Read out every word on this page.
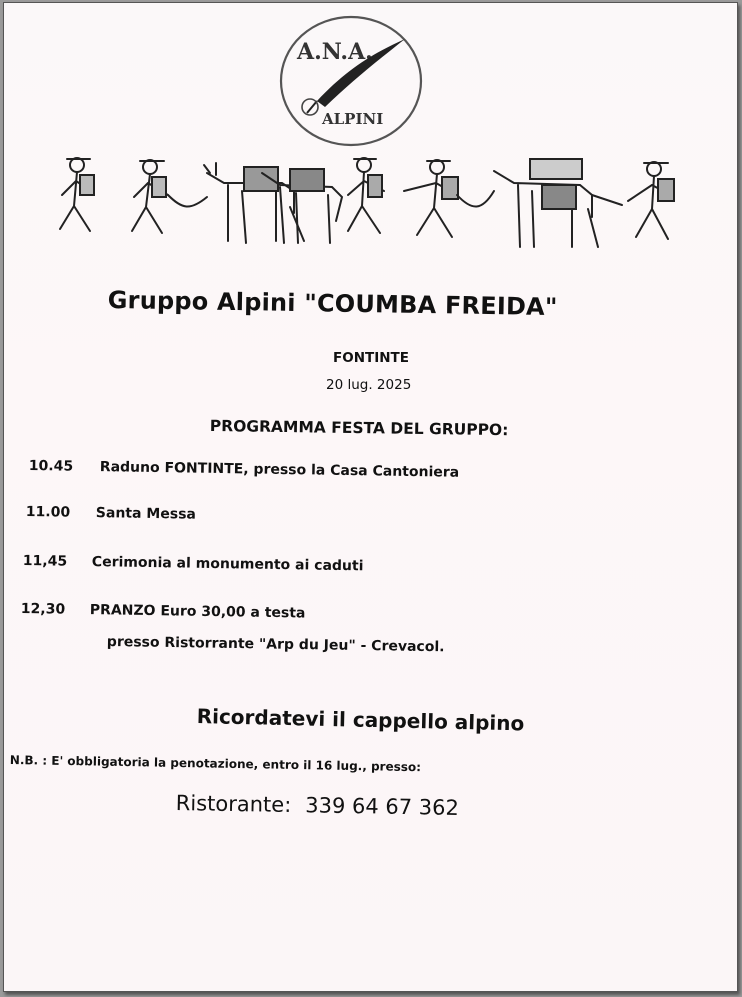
A.N.A.
ALPINI
Gruppo Alpini "COUMBA FREIDA"
FONTINTE
20 lug. 2025
PROGRAMMA FESTA DEL GRUPPO:
10.45 Raduno FONTINTE, presso la Casa Cantoniera
11.00 Santa Messa
11,45 Cerimonia al monumento ai caduti
12,30 PRANZO Euro 30,00 a testa
presso Ristorrante "Arp du Jeu" - Crevacol.
Ricordatevi il cappello alpino
N.B. : E' obbligatoria la penotazione, entro il 16 lug., presso:
Ristorante: 339 64 67 362
